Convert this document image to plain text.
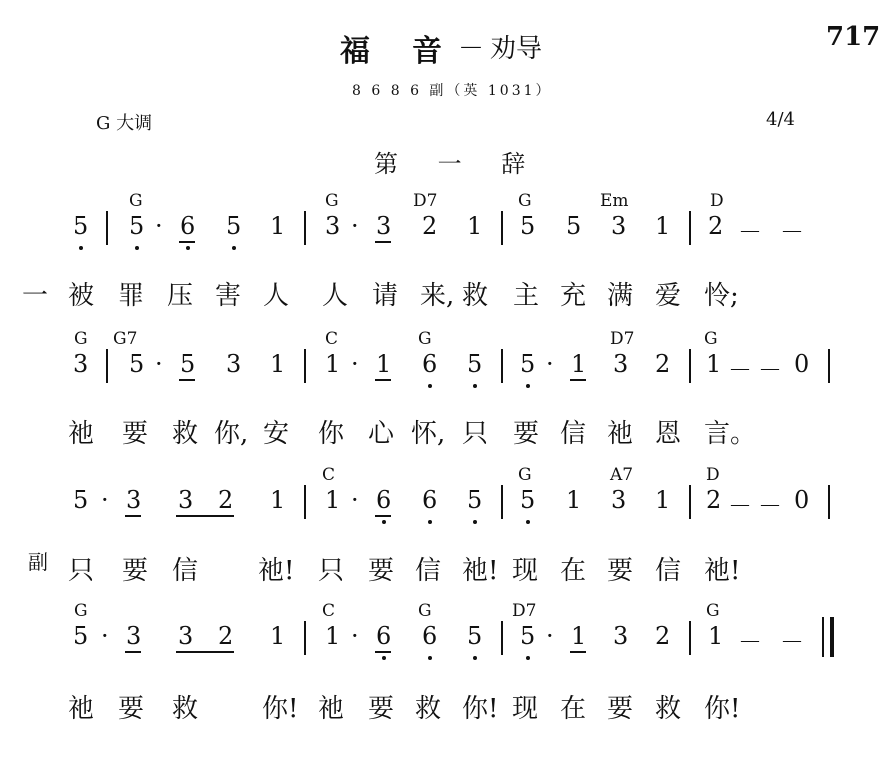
福 音 － 劝导	717
8 6 8 6 副（英 1031）
G 大调	4/4
第 一 辞
G	G	D7	G	Em	D
5 5 · 6 5 1 3 · 3 2 1 5 5 3 1 2 － －
一 被 罪 压 害 人 人 请 来, 救 主 充 满 爱 怜;
G G7	C	G	D7	G
3 5 · 5 3 1 1 · 1 6 5 5 · 1 3 2 1 － － 0
祂 要 救 你, 安 你 心 怀, 只 要 信 祂 恩 言。
C	G	A7	D
5 · 3 3 2 1 1 · 6 6 5 5 1 3 1 2 － － 0
副 只 要 信 祂! 只 要 信 祂! 现 在 要 信 祂!
G	C	G	D7	G
5 · 3 3 2 1 1 · 6 6 5 5 · 1 3 2 1 － －
祂 要 救 你! 祂 要 救 你! 现 在 要 救 你!
